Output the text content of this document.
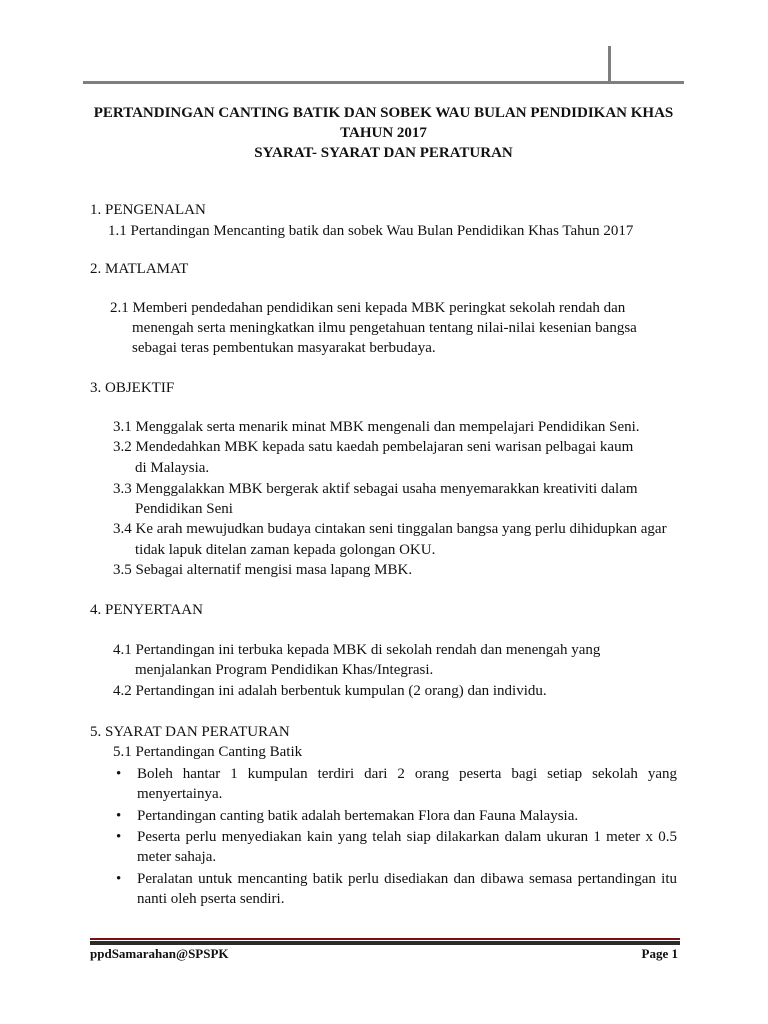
PERTANDINGAN CANTING BATIK DAN SOBEK WAU BULAN PENDIDIKAN KHAS
TAHUN 2017
SYARAT- SYARAT DAN PERATURAN
1. PENGENALAN
1.1 Pertandingan Mencanting batik dan sobek Wau Bulan Pendidikan Khas Tahun 2017
2. MATLAMAT
2.1 Memberi pendedahan pendidikan seni kepada MBK peringkat sekolah rendah dan
menengah serta meningkatkan ilmu pengetahuan tentang nilai-nilai kesenian bangsa
sebagai teras pembentukan masyarakat berbudaya.
3. OBJEKTIF
3.1 Menggalak serta menarik minat MBK mengenali dan mempelajari Pendidikan Seni.
3.2 Mendedahkan MBK kepada satu kaedah pembelajaran seni warisan pelbagai kaum
di Malaysia.
3.3 Menggalakkan MBK bergerak aktif sebagai usaha menyemarakkan kreativiti dalam
Pendidikan Seni
3.4 Ke arah mewujudkan budaya cintakan seni tinggalan bangsa yang perlu dihidupkan agar
tidak lapuk ditelan zaman kepada golongan OKU.
3.5 Sebagai alternatif mengisi masa lapang MBK.
4. PENYERTAAN
4.1 Pertandingan ini terbuka kepada MBK di sekolah rendah dan menengah yang
menjalankan Program Pendidikan Khas/Integrasi.
4.2 Pertandingan ini adalah berbentuk kumpulan (2 orang) dan individu.
5. SYARAT DAN PERATURAN
5.1 Pertandingan Canting Batik
• Boleh hantar 1 kumpulan terdiri dari 2 orang peserta bagi setiap sekolah yang
menyertainya.
• Pertandingan canting batik adalah bertemakan Flora dan Fauna Malaysia.
• Peserta perlu menyediakan kain yang telah siap dilakarkan dalam ukuran 1 meter x 0.5
meter sahaja.
• Peralatan untuk mencanting batik perlu disediakan dan dibawa semasa pertandingan itu
nanti oleh pserta sendiri.
ppdSamarahan@SPSPK	Page 1
